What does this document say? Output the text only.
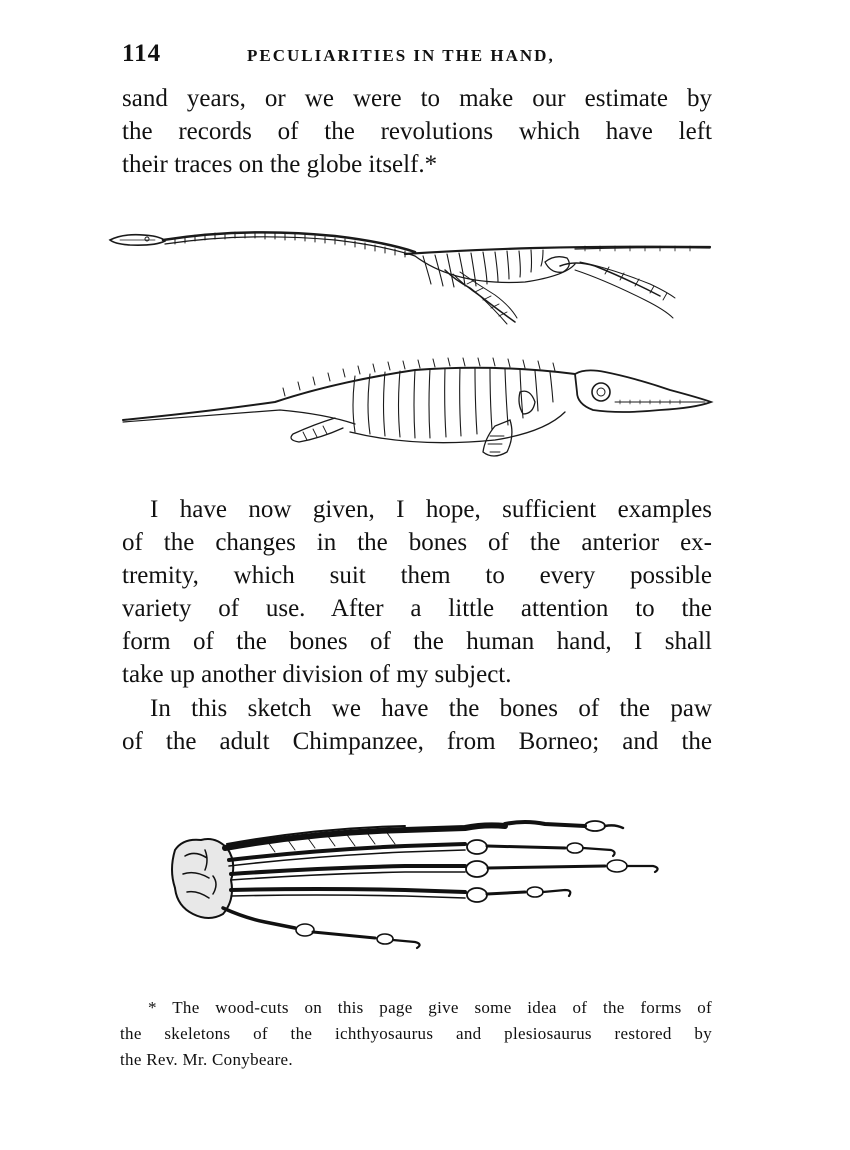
114	PECULIARITIES IN THE HAND,
sand years, or we were to make our estimate by
the records of the revolutions which have left
their traces on the globe itself.*
I have now given, I hope, sufficient examples
of the changes in the bones of the anterior ex-
tremity, which suit them to every possible
variety of use. After a little attention to the
form of the bones of the human hand, I shall
take up another division of my subject.
In this sketch we have the bones of the paw
of the adult Chimpanzee, from Borneo; and the
* The wood-cuts on this page give some idea of the forms of
the skeletons of the ichthyosaurus and plesiosaurus restored by
the Rev. Mr. Conybeare.
